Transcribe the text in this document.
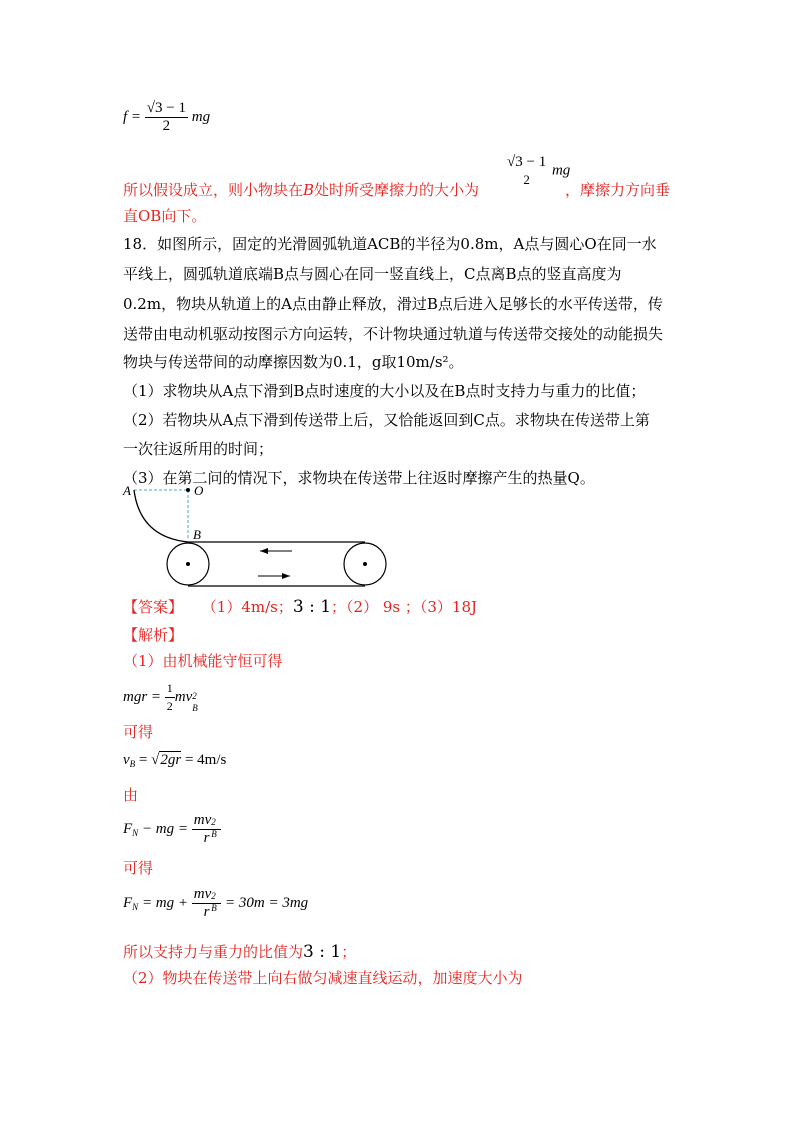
$f = \frac{√3 - 1}{2}$ mg
所以假设成立，则小物块在B处时所受摩擦力的大小为
√3 − 1
2
mg
，摩擦力方向垂
直OB向下。
18．如图所示，固定的光滑圆弧轨道ACB的半径为0.8m，A点与圆心O在同一水
平线上，圆弧轨道底端B点与圆心在同一竖直线上，C点离B点的竖直高度为
0.2m，物块从轨道上的A点由静止释放，滑过B点后进入足够长的水平传送带，传
送带由电动机驱动按图示方向运转，不计物块通过轨道与传送带交接处的动能损失
物块与传送带间的动摩擦因数为0.1，g取10m/s²。
（1）求物块从A点下滑到B点时速度的大小以及在B点时支持力与重力的比值；
（2）若物块从A点下滑到传送带上后，又恰能返回到C点。求物块在传送带上第
一次往返所用的时间；
（3）在第二问的情况下，求物块在传送带上往返时摩擦产生的热量Q。
A	O
B
【答案】 （1）4m/s；3 : 1；（2） 9s ；（3）18J
【解析】
（1）由机械能守恒可得
mgr = $\frac{1}{2}$ mv 2
B
可得
$v_B = √2gr = 4m/s$
由
$F_N$ − mg = mv 2
B
r
可得
$F_N$ = mg + mv 2
B
r = 30m = 3mg
所以支持力与重力的比值为3 : 1；
（2）物块在传送带上向右做匀减速直线运动，加速度大小为
